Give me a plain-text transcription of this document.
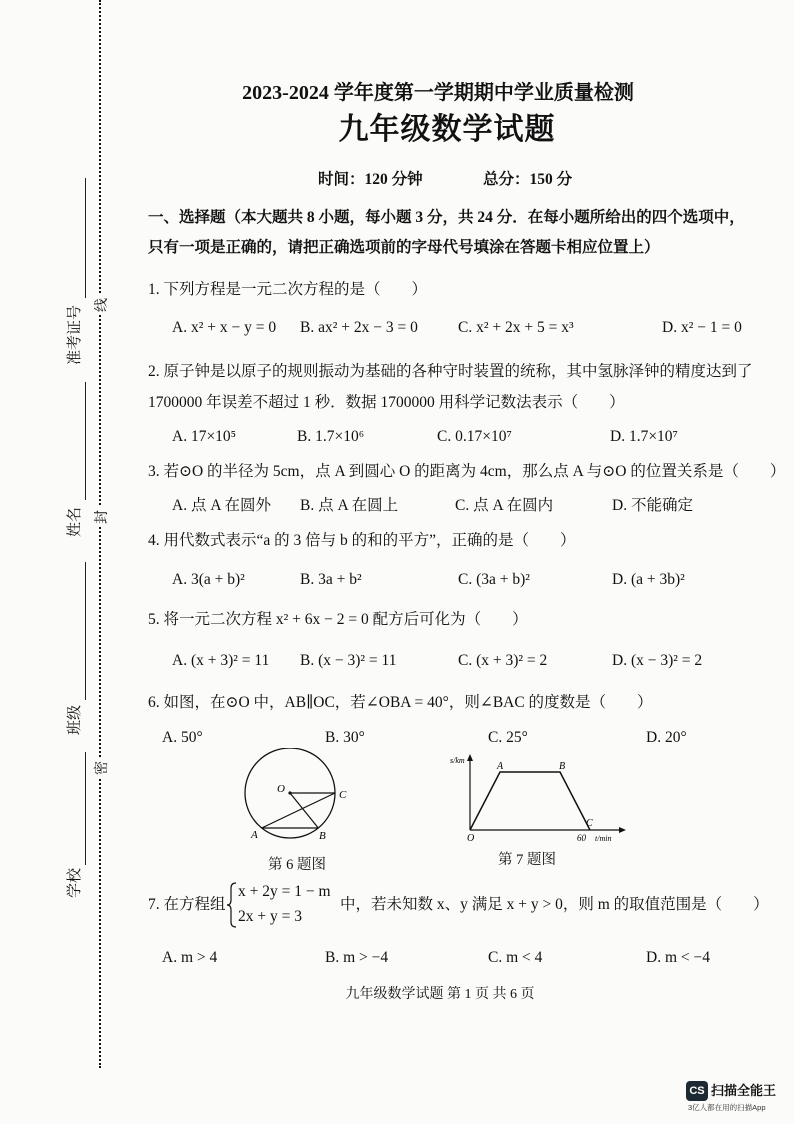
准考证号
姓名
班级
学校
线
封
密
2023-2024 学年度第一学期期中学业质量检测
九年级数学试题
时间：120 分钟	总分：150 分
一、选择题（本大题共 8 小题，每小题 3 分，共 24 分．在每小题所给出的四个选项中，
只有一项是正确的，请把正确选项前的字母代号填涂在答题卡相应位置上）
1. 下列方程是一元二次方程的是（　　）
A. x² + x − y = 0 B. ax² + 2x − 3 = 0	C. x² + 2x + 5 = x³	D. x² − 1 = 0
2. 原子钟是以原子的规则振动为基础的各种守时装置的统称，其中氢脉泽钟的精度达到了
1700000 年误差不超过 1 秒．数据 1700000 用科学记数法表示（　　）
A. 17×10⁵	B. 1.7×10⁶	C. 0.17×10⁷	D. 1.7×10⁷
3. 若⊙O 的半径为 5cm，点 A 到圆心 O 的距离为 4cm，那么点 A 与⊙O 的位置关系是（　　）
A. 点 A 在圆外 B. 点 A 在圆上	C. 点 A 在圆内	D. 不能确定
4. 用代数式表示“a 的 3 倍与 b 的和的平方”，正确的是（　　）
A. 3(a + b)²	B. 3a + b²	C. (3a + b)²	D. (a + 3b)²
5. 将一元二次方程 x² + 6x − 2 = 0 配方后可化为（　　）
A. (x + 3)² = 11 B. (x − 3)² = 11	C. (x + 3)² = 2	D. (x − 3)² = 2
6. 如图，在⊙O 中，AB∥OC，若∠OBA = 40°，则∠BAC 的度数是（　　）
A. 50°	B. 30°	C. 25°	D. 20°
O	C
A	B
第 6 题图
s/km
A	B
C
O	60 t/min
第 7 题图
7. 在方程组
x + 2y = 1 − m
2x + y = 3
中，若未知数 x、y 满足 x + y > 0，则 m 的取值范围是（　　）
A. m > 4	B. m > −4	C. m < 4	D. m < −4
九年级数学试题 第 1 页 共 6 页
CS 扫描全能王
3亿人都在用的扫描App
